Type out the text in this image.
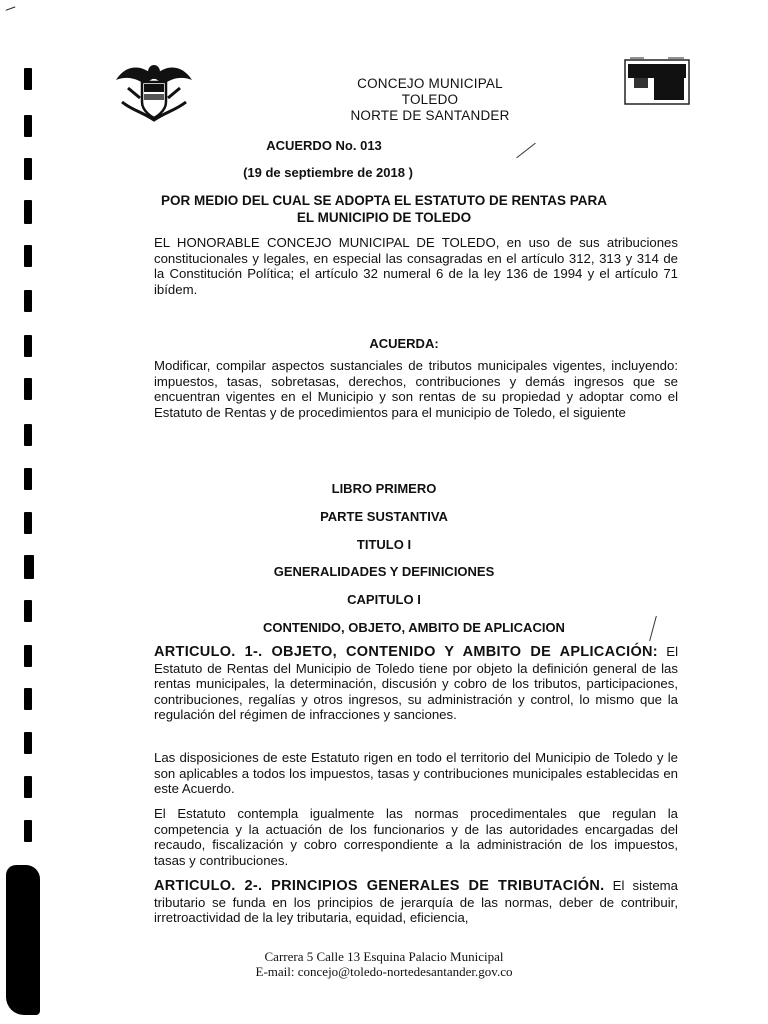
CONCEJO MUNICIPAL
TOLEDO
NORTE DE SANTANDER
ACUERDO No. 013
(19 de septiembre de 2018 )
POR MEDIO DEL CUAL SE ADOPTA EL ESTATUTO DE RENTAS PARA
EL MUNICIPIO DE TOLEDO
EL HONORABLE CONCEJO MUNICIPAL DE TOLEDO, en uso de sus atribuciones constitucionales y legales, en especial las consagradas en el artículo 312, 313 y 314 de la Constitución Política; el artículo 32 numeral 6 de la ley 136 de 1994 y el artículo 71 ibídem.
ACUERDA:
Modificar, compilar aspectos sustanciales de tributos municipales vigentes, incluyendo: impuestos, tasas, sobretasas, derechos, contribuciones y demás ingresos que se encuentran vigentes en el Municipio y son rentas de su propiedad y adoptar como el Estatuto de Rentas y de procedimientos para el municipio de Toledo, el siguiente
LIBRO PRIMERO
PARTE SUSTANTIVA
TITULO I
GENERALIDADES Y DEFINICIONES
CAPITULO I
CONTENIDO, OBJETO, AMBITO DE APLICACION
ARTICULO. 1-. OBJETO, CONTENIDO Y AMBITO DE APLICACIÓN: El Estatuto de Rentas del Municipio de Toledo tiene por objeto la definición general de las rentas municipales, la determinación, discusión y cobro de los tributos, participaciones, contribuciones, regalías y otros ingresos, su administración y control, lo mismo que la regulación del régimen de infracciones y sanciones.
Las disposiciones de este Estatuto rigen en todo el territorio del Municipio de Toledo y le son aplicables a todos los impuestos, tasas y contribuciones municipales establecidas en este Acuerdo.
El Estatuto contempla igualmente las normas procedimentales que regulan la competencia y la actuación de los funcionarios y de las autoridades encargadas del recaudo, fiscalización y cobro correspondiente a la administración de los impuestos, tasas y contribuciones.
ARTICULO. 2-. PRINCIPIOS GENERALES DE TRIBUTACIÓN. El sistema tributario se funda en los principios de jerarquía de las normas, deber de contribuir, irretroactividad de la ley tributaria, equidad, eficiencia,
Carrera 5 Calle 13 Esquina Palacio Municipal
E-mail: concejo@toledo-nortedesantander.gov.co
